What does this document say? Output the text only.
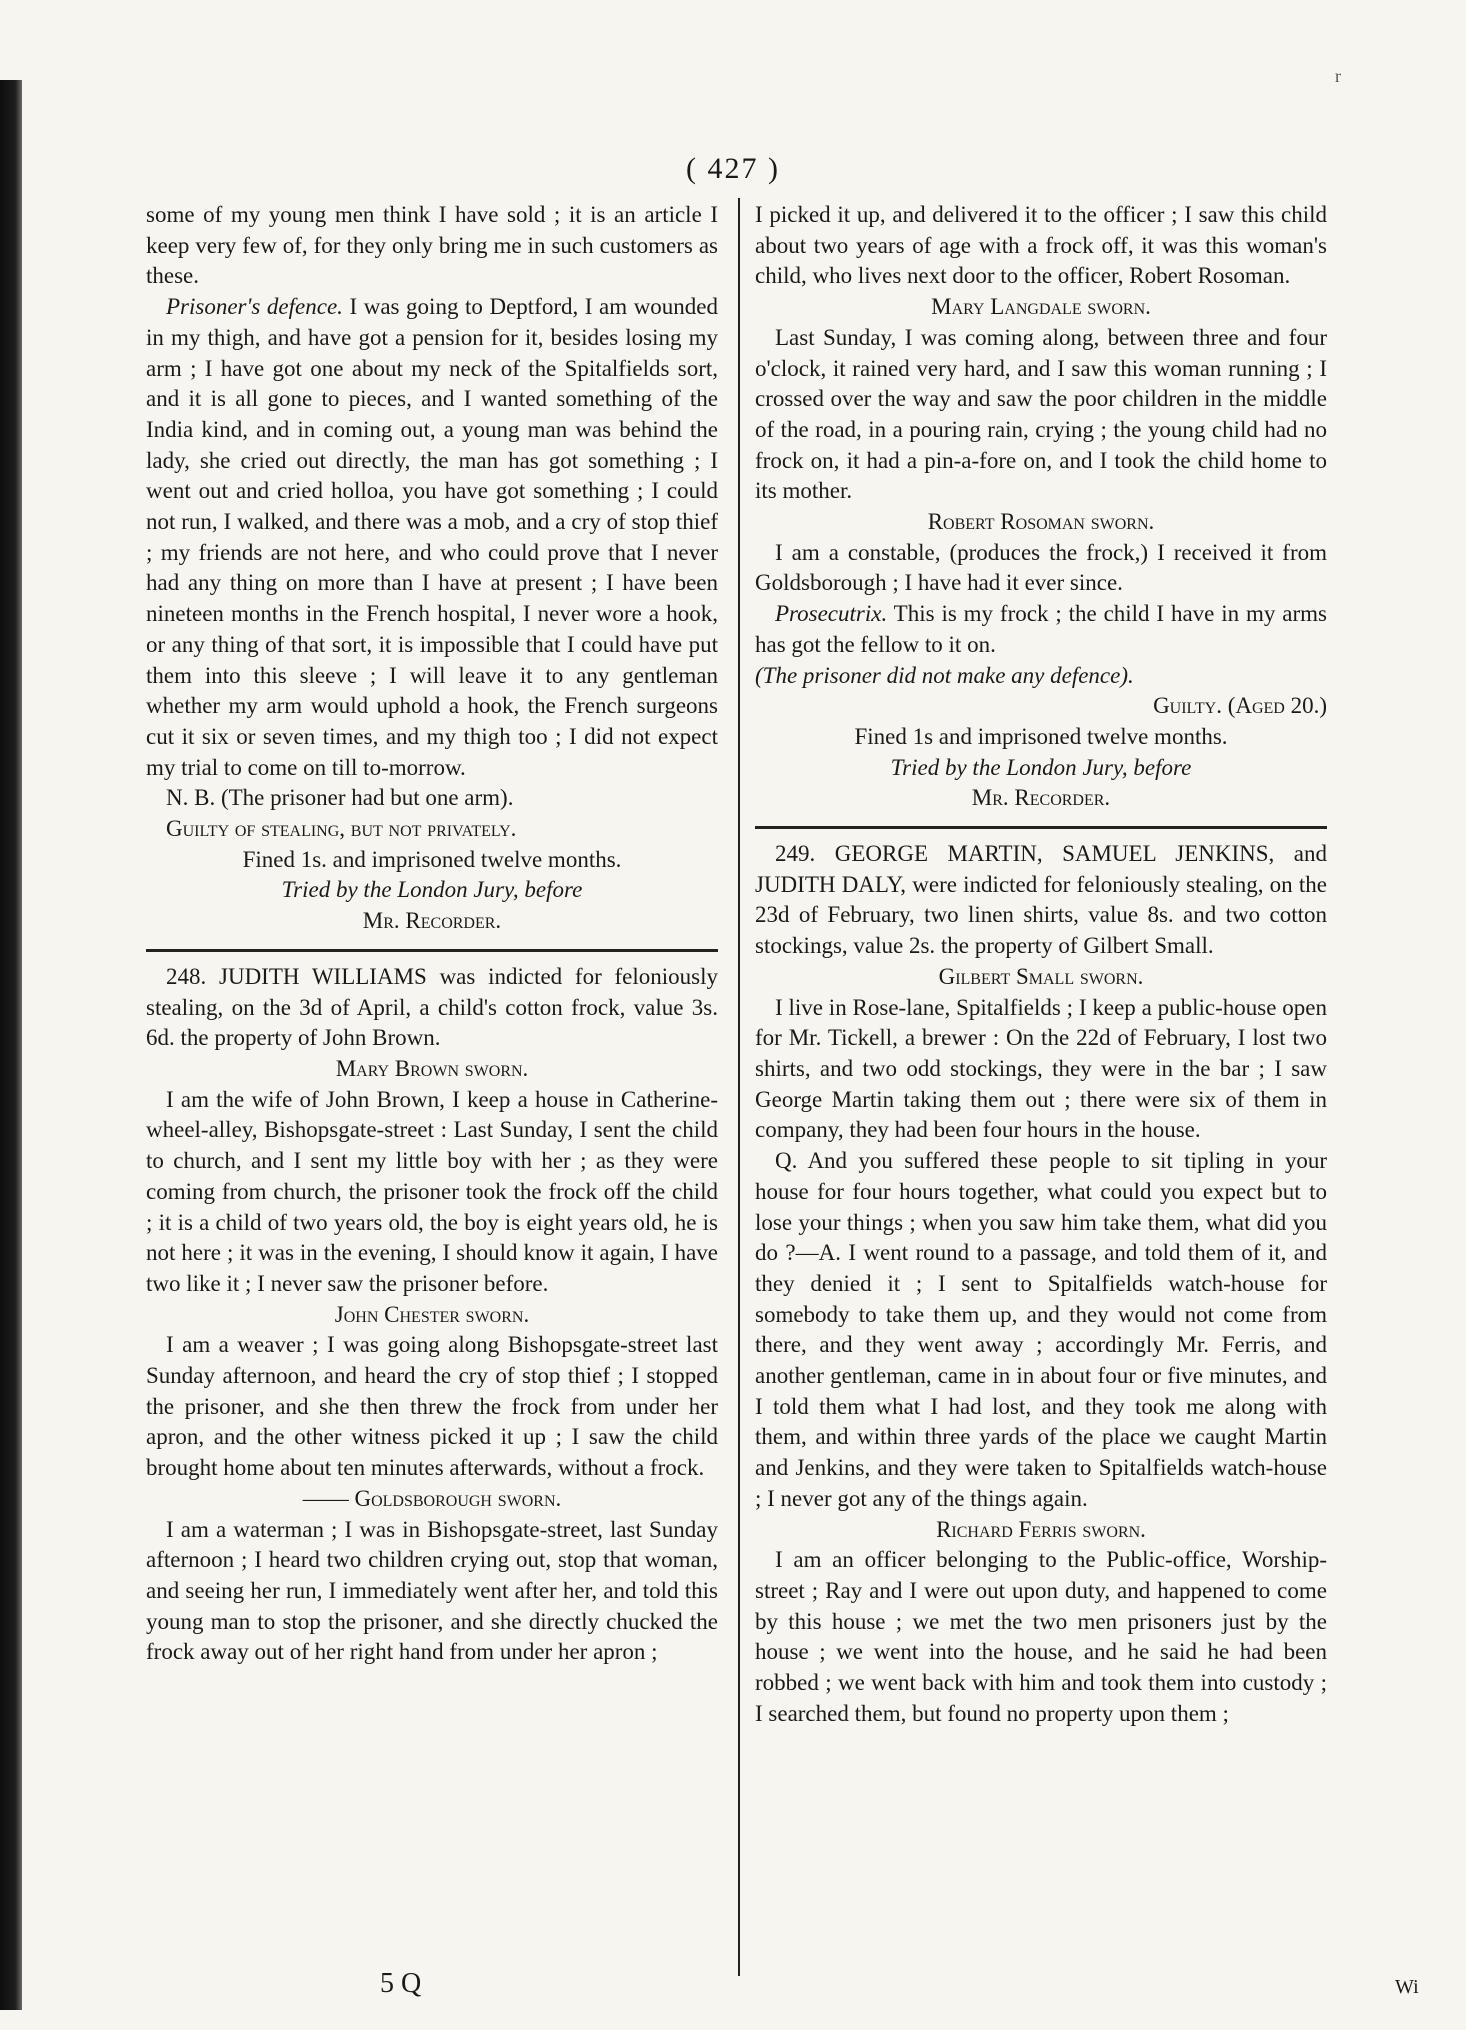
r
( 427 )

some of my young men think I have sold ; it is an article I keep very few of, for they only bring me in such customers as these.

Prisoner's defence. I was going to Deptford, I am wounded in my thigh, and have got a pension for it, besides losing my arm ; I have got one about my neck of the Spitalfields sort, and it is all gone to pieces, and I wanted something of the India kind, and in coming out, a young man was behind the lady, she cried out directly, the man has got something ; I went out and cried holloa, you have got something ; I could not run, I walked, and there was a mob, and a cry of stop thief ; my friends are not here, and who could prove that I never had any thing on more than I have at present ; I have been nineteen months in the French hospital, I never wore a hook, or any thing of that sort, it is impossible that I could have put them into this sleeve ; I will leave it to any gentleman whether my arm would uphold a hook, the French surgeons cut it six or seven times, and my thigh too ; I did not expect my trial to come on till to-morrow.

N. B. (The prisoner had but one arm).

Guilty of stealing, but not privately.

Fined 1s. and imprisoned twelve months.

Tried by the London Jury, before

Mr. Recorder.

248. JUDITH WILLIAMS was indicted for feloniously stealing, on the 3d of April, a child's cotton frock, value 3s. 6d. the property of John Brown.

Mary Brown sworn.

I am the wife of John Brown, I keep a house in Catherine-wheel-alley, Bishopsgate-street : Last Sunday, I sent the child to church, and I sent my little boy with her ; as they were coming from church, the prisoner took the frock off the child ; it is a child of two years old, the boy is eight years old, he is not here ; it was in the evening, I should know it again, I have two like it ; I never saw the prisoner before.

John Chester sworn.

I am a weaver ; I was going along Bishopsgate-street last Sunday afternoon, and heard the cry of stop thief ; I stopped the prisoner, and she then threw the frock from under her apron, and the other witness picked it up ; I saw the child brought home about ten minutes afterwards, without a frock.

—— Goldsborough sworn.

I am a waterman ; I was in Bishopsgate-street, last Sunday afternoon ; I heard two children crying out, stop that woman, and seeing her run, I immediately went after her, and told this young man to stop the prisoner, and she directly chucked the frock away out of her right hand from under her apron ;

I picked it up, and delivered it to the officer ; I saw this child about two years of age with a frock off, it was this woman's child, who lives next door to the officer, Robert Rosoman.

Mary Langdale sworn.

Last Sunday, I was coming along, between three and four o'clock, it rained very hard, and I saw this woman running ; I crossed over the way and saw the poor children in the middle of the road, in a pouring rain, crying ; the young child had no frock on, it had a pin-a-fore on, and I took the child home to its mother.

Robert Rosoman sworn.

I am a constable, (produces the frock,) I received it from Goldsborough ; I have had it ever since.

Prosecutrix. This is my frock ; the child I have in my arms has got the fellow to it on.

(The prisoner did not make any defence).

Guilty. (Aged 20.)

Fined 1s and imprisoned twelve months.

Tried by the London Jury, before

Mr. Recorder.

249. GEORGE MARTIN, SAMUEL JENKINS, and JUDITH DALY, were indicted for feloniously stealing, on the 23d of February, two linen shirts, value 8s. and two cotton stockings, value 2s. the property of Gilbert Small.

Gilbert Small sworn.

I live in Rose-lane, Spitalfields ; I keep a public-house open for Mr. Tickell, a brewer : On the 22d of February, I lost two shirts, and two odd stockings, they were in the bar ; I saw George Martin taking them out ; there were six of them in company, they had been four hours in the house.

Q. And you suffered these people to sit tipling in your house for four hours together, what could you expect but to lose your things ; when you saw him take them, what did you do ?—A. I went round to a passage, and told them of it, and they denied it ; I sent to Spitalfields watch-house for somebody to take them up, and they would not come from there, and they went away ; accordingly Mr. Ferris, and another gentleman, came in in about four or five minutes, and I told them what I had lost, and they took me along with them, and within three yards of the place we caught Martin and Jenkins, and they were taken to Spitalfields watch-house ; I never got any of the things again.

Richard Ferris sworn.

I am an officer belonging to the Public-office, Worship-street ; Ray and I were out upon duty, and happened to come by this house ; we met the two men prisoners just by the house ; we went into the house, and he said he had been robbed ; we went back with him and took them into custody ; I searched them, but found no property upon them ;

5 Q	Wi
